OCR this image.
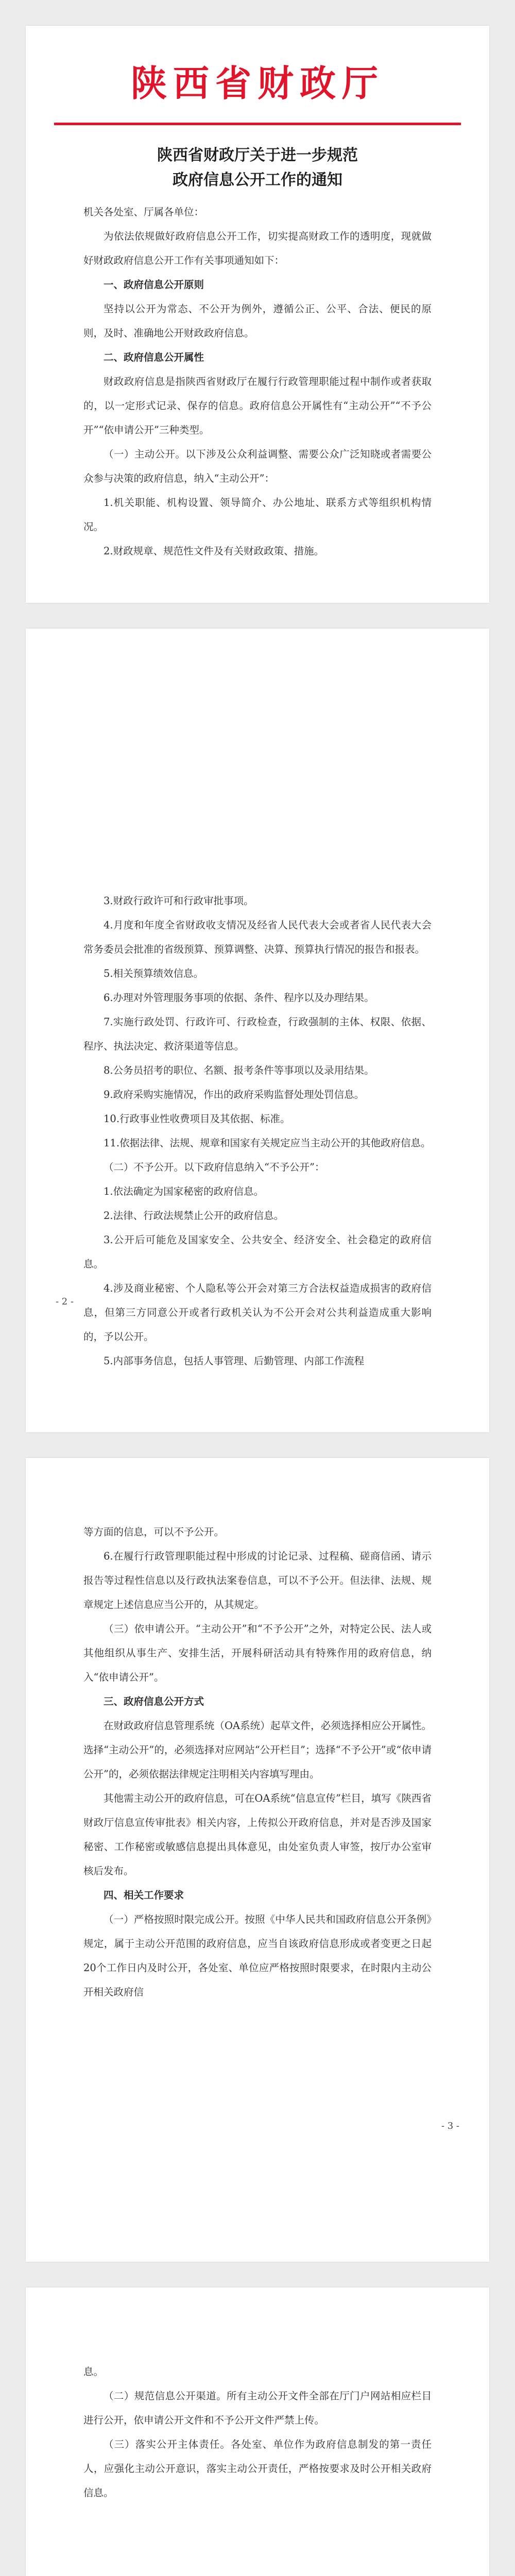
陕西省财政厅
陕西省财政厅关于进一步规范
政府信息公开工作的通知

机关各处室、厅属各单位：

为依法依规做好政府信息公开工作，切实提高财政工作的透明度，现就做好财政政府信息公开工作有关事项通知如下：

一、政府信息公开原则

坚持以公开为常态、不公开为例外，遵循公正、公平、合法、便民的原则，及时、准确地公开财政政府信息。

二、政府信息公开属性

财政政府信息是指陕西省财政厅在履行行政管理职能过程中制作或者获取的，以一定形式记录、保存的信息。政府信息公开属性有“主动公开”“不予公开”“依申请公开”三种类型。

（一）主动公开。以下涉及公众利益调整、需要公众广泛知晓或者需要公众参与决策的政府信息，纳入“主动公开”：

1.机关职能、机构设置、领导简介、办公地址、联系方式等组织机构情况。

2.财政规章、规范性文件及有关财政政策、措施。

3.财政行政许可和行政审批事项。

4.月度和年度全省财政收支情况及经省人民代表大会或者省人民代表大会常务委员会批准的省级预算、预算调整、决算、预算执行情况的报告和报表。

5.相关预算绩效信息。

6.办理对外管理服务事项的依据、条件、程序以及办理结果。

7.实施行政处罚、行政许可、行政检查，行政强制的主体、权限、依据、程序、执法决定、救济渠道等信息。

8.公务员招考的职位、名额、报考条件等事项以及录用结果。

9.政府采购实施情况，作出的政府采购监督处理处罚信息。

10.行政事业性收费项目及其依据、标准。

11.依据法律、法规、规章和国家有关规定应当主动公开的其他政府信息。

（二）不予公开。以下政府信息纳入“不予公开”：

1.依法确定为国家秘密的政府信息。

2.法律、行政法规禁止公开的政府信息。

3.公开后可能危及国家安全、公共安全、经济安全、社会稳定的政府信息。

4.涉及商业秘密、个人隐私等公开会对第三方合法权益造成损害的政府信息，但第三方同意公开或者行政机关认为不公开会对公共利益造成重大影响的，予以公开。

5.内部事务信息，包括人事管理、后勤管理、内部工作流程

- 2 -

等方面的信息，可以不予公开。

6.在履行行政管理职能过程中形成的讨论记录、过程稿、磋商信函、请示报告等过程性信息以及行政执法案卷信息，可以不予公开。但法律、法规、规章规定上述信息应当公开的，从其规定。

（三）依申请公开。“主动公开”和“不予公开”之外，对特定公民、法人或其他组织从事生产、安排生活，开展科研活动具有特殊作用的政府信息，纳入“依申请公开”。

三、政府信息公开方式

在财政政府信息管理系统（OA系统）起草文件，必须选择相应公开属性。选择“主动公开”的，必须选择对应网站“公开栏目”；选择“不予公开”或“依申请公开”的，必须依据法律规定注明相关内容填写理由。

其他需主动公开的政府信息，可在OA系统“信息宣传”栏目，填写《陕西省财政厅信息宣传审批表》相关内容，上传拟公开政府信息，并对是否涉及国家秘密、工作秘密或敏感信息提出具体意见，由处室负责人审签，按厅办公室审核后发布。

四、相关工作要求

（一）严格按照时限完成公开。按照《中华人民共和国政府信息公开条例》规定，属于主动公开范围的政府信息，应当自该政府信息形成或者变更之日起20个工作日内及时公开，各处室、单位应严格按照时限要求，在时限内主动公开相关政府信

- 3 -

息。

（二）规范信息公开渠道。所有主动公开文件全部在厅门户网站相应栏目进行公开，依申请公开文件和不予公开文件严禁上传。

（三）落实公开主体责任。各处室、单位作为政府信息制发的第一责任人，应强化主动公开意识，落实主动公开责任，严格按要求及时公开相关政府信息。
